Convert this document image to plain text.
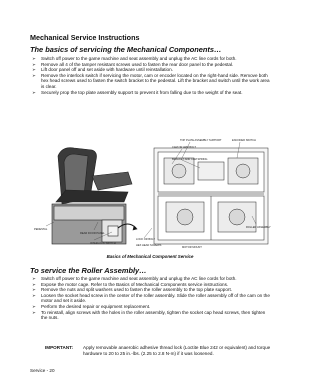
Mechanical Service Instructions
The basics of servicing the Mechanical Components…
➢ Switch off power to the game machine and seat assembly and unplug the AC line cords for both.
➢ Remove all 4 of the tamper resistant screws used to fasten the rear door panel to the pedestal.
➢ Lift door panel off and set aside with hardware until reinstallation.
➢ Remove the interlock switch if servicing the motor, cam or encoder located on the right-hand side. Remove both hex head screws used to fasten the switch bracket to the pedestal. Lift the bracket and switch until the work area is clear.
➢ Securely prop the top plate assembly support to prevent it from falling due to the weight of the seat.
TOP PLATE ASSEMBLY SUPPORT	ENCODER SWITCH
CAM OR ARM BOLT
BRACKET AND CAM SPRING
PEDESTAL
ROLLER ASSEMBLY
REAR DOOR PANEL
MOTOR MOUNT
INTERLOCK SWITCH
LOCK OR BOLT
HEX HEAD SCREWS
Basics of Mechanical Component Service
To service the Roller Assembly…
➢ Switch off power to the game machine and seat assembly and unplug the AC line cords for both.
➢ Expose the motor cage. Refer to the Basics of Mechanical Components service instructions.
➢ Remove the nuts and split washers used to fasten the roller assembly to the top plate support.
➢ Loosen the socket head screw in the center of the roller assembly. Slide the roller assembly off of the cam on the motor and set it aside.
➢ Perform the desired repair or equipment replacement.
➢ To reinstall, align screws with the holes in the roller assembly, tighten the socket cap head screws, then tighten the nuts.
IMPORTANT: Apply removable anaerobic adhesive thread lock (Loctite Blue 242 or equivalent) and torque hardware to 20 to 25 in.-lbs. (2.25 to 2.8 N-m) if it was loosened.
Service - 20
